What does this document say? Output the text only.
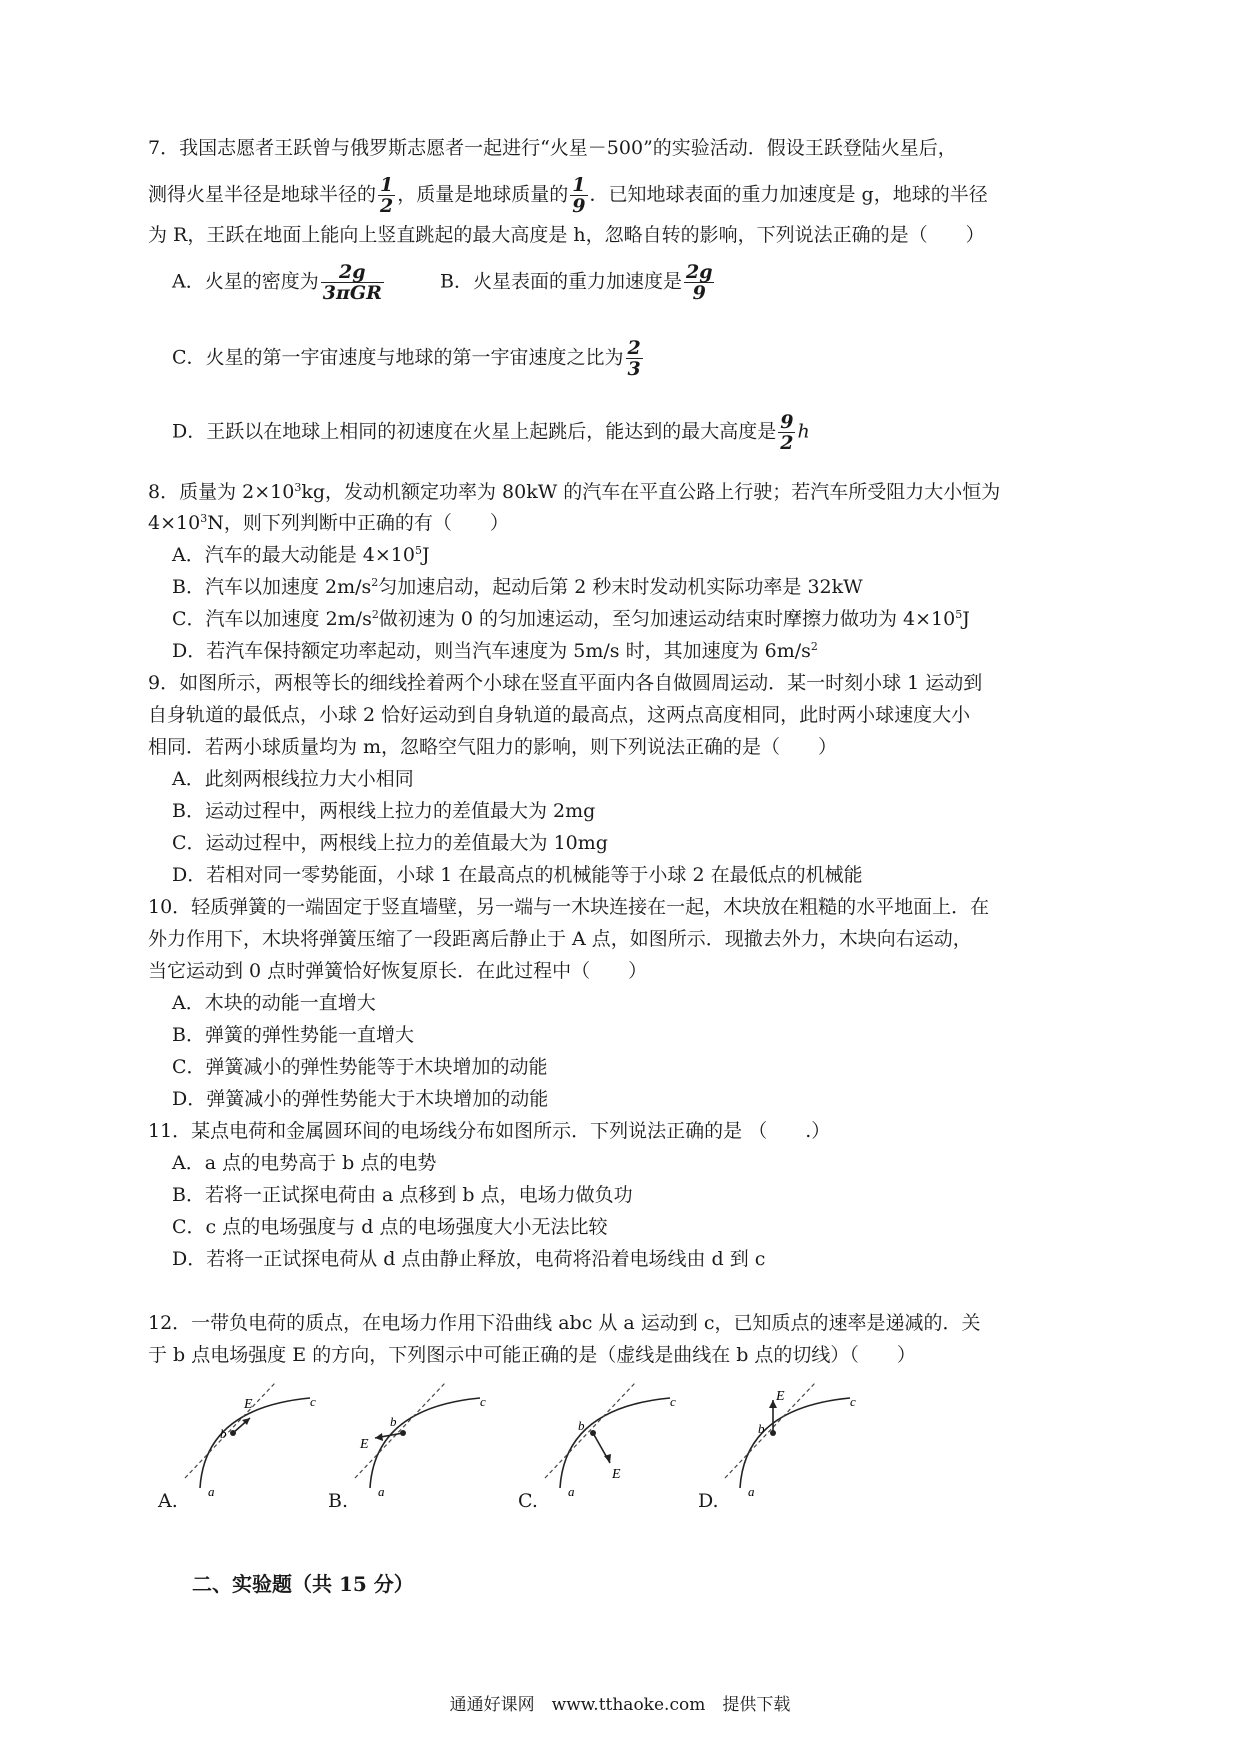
7．我国志愿者王跃曾与俄罗斯志愿者一起进行“火星－500”的实验活动．假设王跃登陆火星后，
测得火星半径是地球半径的 $\frac{1}{2}$ ，质量是地球质量的 $\frac{1}{9}$ ．已知地球表面的重力加速度是 g，地球的半径
为 R，王跃在地面上能向上竖直跳起的最大高度是 h，忽略自转的影响，下列说法正确的是（　　）
A．火星的密度为 $\frac{2g}{\text{3πGR}}$	B．火星表面的重力加速度是 $\frac{2g}{9}$
C．火星的第一宇宙速度与地球的第一宇宙速度之比为 $\frac{2}{3}$
D．王跃以在地球上相同的初速度在火星上起跳后，能达到的最大高度是 $\frac{9}{2}$ h
8．质量为 $2\times 10^3kg$，发动机额定功率为 80kW 的汽车在平直公路上行驶；若汽车所受阻力大小恒为
$4\times 10^3N$，则下列判断中正确的有（　　）
A．汽车的最大动能是 $4\times 10^5J$
B．汽车以加速度 $2m/s^2$匀加速启动，起动后第 2 秒末时发动机实际功率是 32kW
C．汽车以加速度 $2m/s^2$做初速为 0 的匀加速运动，至匀加速运动结束时摩擦力做功为 $4\times 10^5J$
D．若汽车保持额定功率起动，则当汽车速度为 5m/s 时，其加速度为 $6m/s^2$
9．如图所示，两根等长的细线拴着两个小球在竖直平面内各自做圆周运动．某一时刻小球 1 运动到
自身轨道的最低点，小球 2 恰好运动到自身轨道的最高点，这两点高度相同，此时两小球速度大小
相同．若两小球质量均为 m，忽略空气阻力的影响，则下列说法正确的是（　　）
A．此刻两根线拉力大小相同
B．运动过程中，两根线上拉力的差值最大为 2mg
C．运动过程中，两根线上拉力的差值最大为 10mg
D．若相对同一零势能面，小球 1 在最高点的机械能等于小球 2 在最低点的机械能
10．轻质弹簧的一端固定于竖直墙壁，另一端与一木块连接在一起，木块放在粗糙的水平地面上．在
外力作用下，木块将弹簧压缩了一段距离后静止于 A 点，如图所示．现撤去外力，木块向右运动，
当它运动到 0 点时弹簧恰好恢复原长．在此过程中（　　）
A．木块的动能一直增大
B．弹簧的弹性势能一直增大
C．弹簧减小的弹性势能等于木块增加的动能
D．弹簧减小的弹性势能大于木块增加的动能
11．某点电荷和金属圆环间的电场线分布如图所示．下列说法正确的是 （　　.）
A．a 点的电势高于 b 点的电势
B．若将一正试探电荷由 a 点移到 b 点，电场力做负功
C．c 点的电场强度与 d 点的电场强度大小无法比较
D．若将一正试探电荷从 d 点由静止释放，电荷将沿着电场线由 d 到 c
12．一带负电荷的质点，在电场力作用下沿曲线 abc 从 a 运动到 c，已知质点的速率是递减的．关
于 b 点电场强度 E 的方向，下列图示中可能正确的是（虚线是曲线在 b 点的切线）（　　）
E
b
c
a
A.
E
b
c
a
B.
E
b
c
a
C.
E
b
c
a
D.
二、实验题（共 15 分）
通通好课网　www.tthaoke.com　提供下载
